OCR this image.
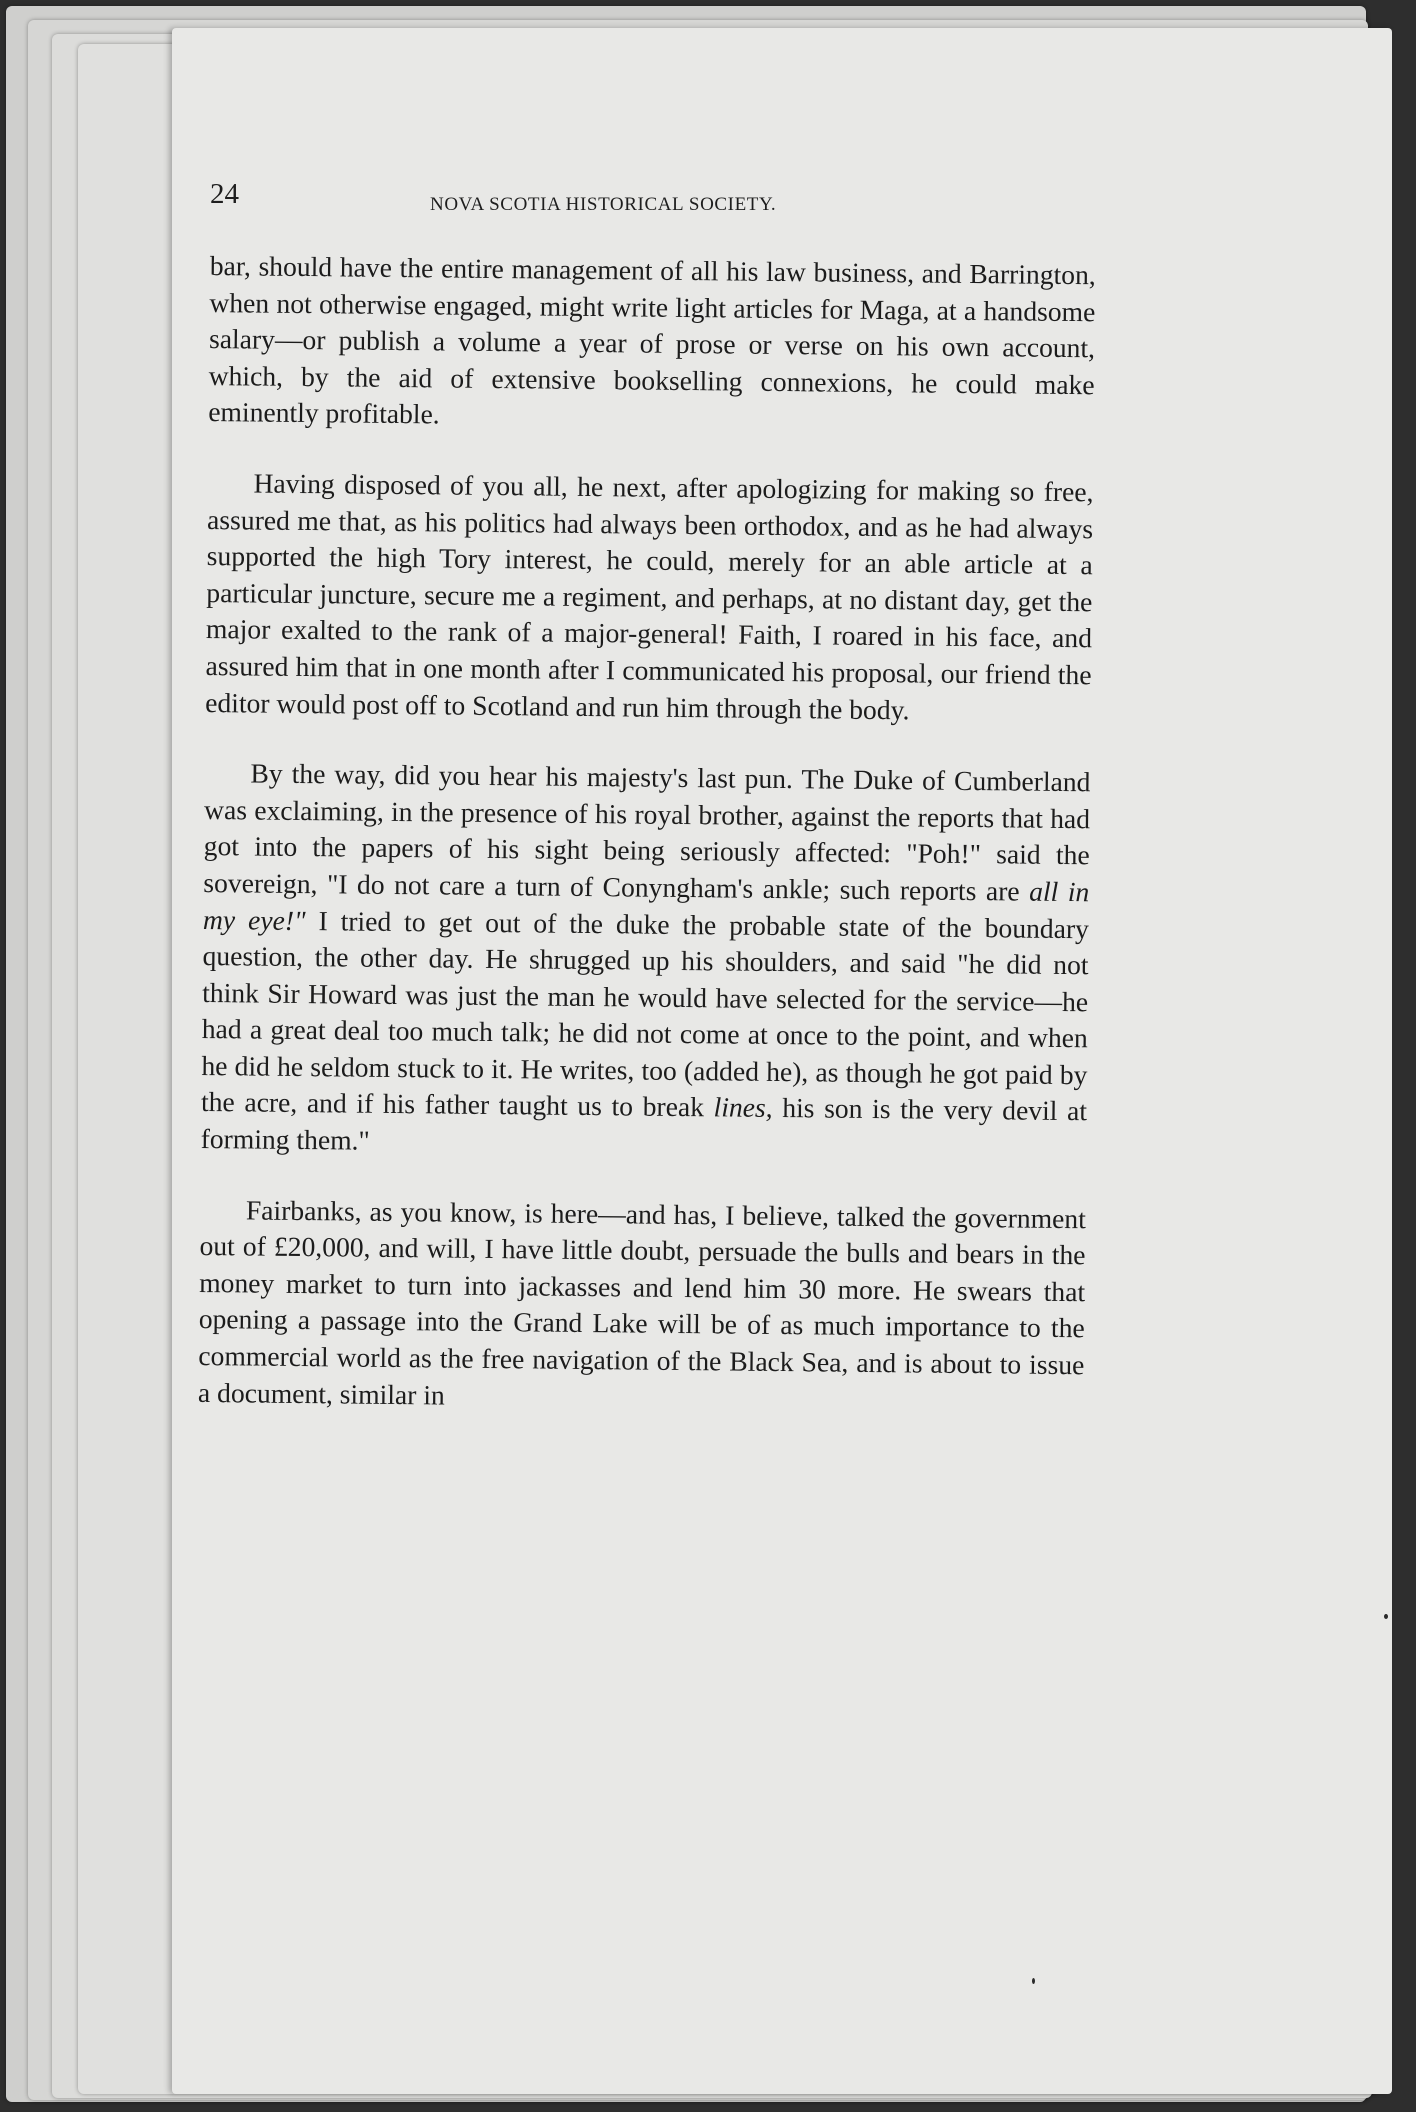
24	NOVA SCOTIA HISTORICAL SOCIETY.

bar, should have the entire management of all his law business, and Barrington, when not otherwise engaged, might write light articles for Maga, at a handsome salary—or publish a volume a year of prose or verse on his own account, which, by the aid of extensive bookselling connexions, he could make eminently profitable.

Having disposed of you all, he next, after apologizing for making so free, assured me that, as his politics had always been orthodox, and as he had always supported the high Tory interest, he could, merely for an able article at a particular juncture, secure me a regiment, and perhaps, at no distant day, get the major exalted to the rank of a major-general! Faith, I roared in his face, and assured him that in one month after I communicated his proposal, our friend the editor would post off to Scotland and run him through the body.

By the way, did you hear his majesty's last pun. The Duke of Cumberland was exclaiming, in the presence of his royal brother, against the reports that had got into the papers of his sight being seriously affected: "Poh!" said the sovereign, "I do not care a turn of Conyngham's ankle; such reports are all in my eye!" I tried to get out of the duke the probable state of the boundary question, the other day. He shrugged up his shoulders, and said "he did not think Sir Howard was just the man he would have selected for the service—he had a great deal too much talk; he did not come at once to the point, and when he did he seldom stuck to it. He writes, too (added he), as though he got paid by the acre, and if his father taught us to break lines, his son is the very devil at forming them."

Fairbanks, as you know, is here—and has, I believe, talked the government out of £20,000, and will, I have little doubt, persuade the bulls and bears in the money market to turn into jackasses and lend him 30 more. He swears that opening a passage into the Grand Lake will be of as much importance to the commercial world as the free navigation of the Black Sea, and is about to issue a document, similar in
